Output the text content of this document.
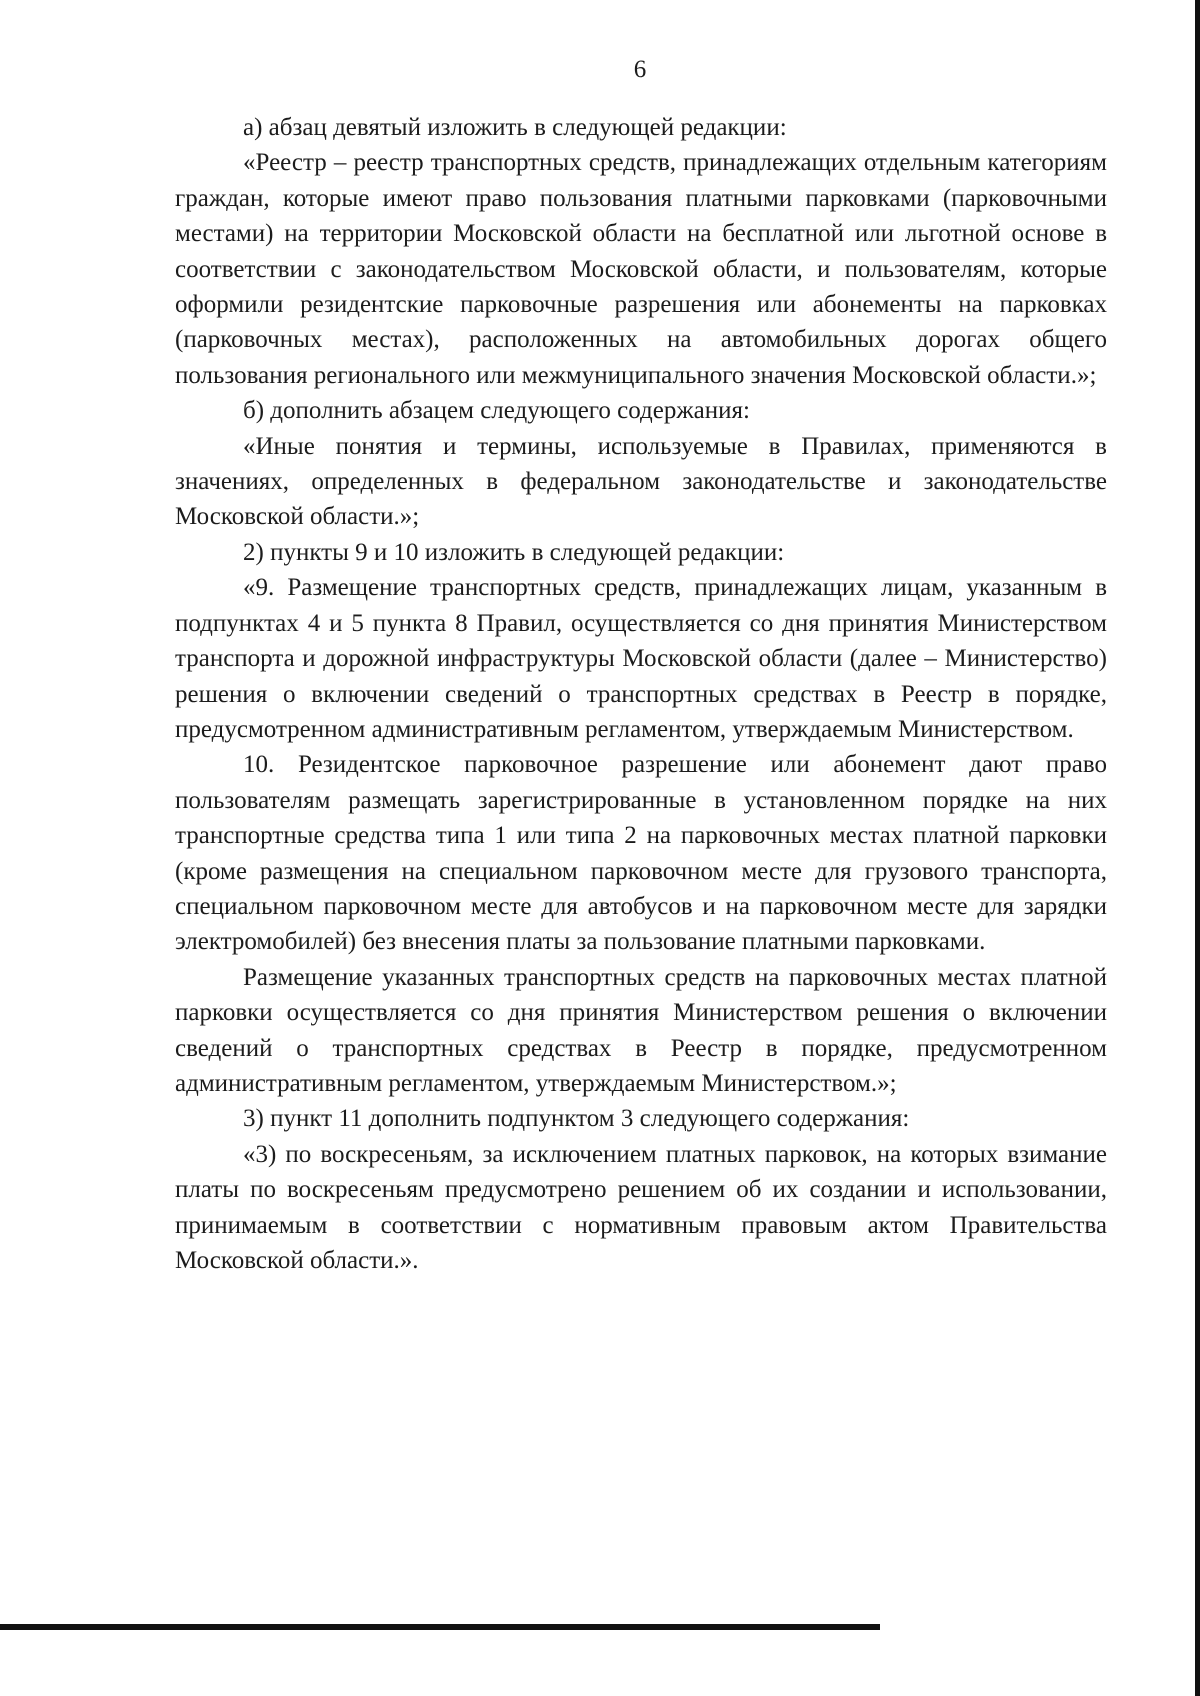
6

а) абзац девятый изложить в следующей редакции:

«Реестр – реестр транспортных средств, принадлежащих отдельным категориям граждан, которые имеют право пользования платными парковками (парковочными местами) на территории Московской области на бесплатной или льготной основе в соответствии с законодательством Московской области, и пользователям, которые оформили резидентские парковочные разрешения или абонементы на парковках (парковочных местах), расположенных на автомобильных дорогах общего пользования регионального или межмуниципального значения Московской области.»;

б) дополнить абзацем следующего содержания:

«Иные понятия и термины, используемые в Правилах, применяются в значениях, определенных в федеральном законодательстве и законодательстве Московской области.»;

2) пункты 9 и 10 изложить в следующей редакции:

«9. Размещение транспортных средств, принадлежащих лицам, указанным в подпунктах 4 и 5 пункта 8 Правил, осуществляется со дня принятия Министерством транспорта и дорожной инфраструктуры Московской области (далее – Министерство) решения о включении сведений о транспортных средствах в Реестр в порядке, предусмотренном административным регламентом, утверждаемым Министерством.

10. Резидентское парковочное разрешение или абонемент дают право пользователям размещать зарегистрированные в установленном порядке на них транспортные средства типа 1 или типа 2 на парковочных местах платной парковки (кроме размещения на специальном парковочном месте для грузового транспорта, специальном парковочном месте для автобусов и на парковочном месте для зарядки электромобилей) без внесения платы за пользование платными парковками.

Размещение указанных транспортных средств на парковочных местах платной парковки осуществляется со дня принятия Министерством решения о включении сведений о транспортных средствах в Реестр в порядке, предусмотренном административным регламентом, утверждаемым Министерством.»;

3) пункт 11 дополнить подпунктом 3 следующего содержания:

«3) по воскресеньям, за исключением платных парковок, на которых взимание платы по воскресеньям предусмотрено решением об их создании и использовании, принимаемым в соответствии с нормативным правовым актом Правительства Московской области.».
